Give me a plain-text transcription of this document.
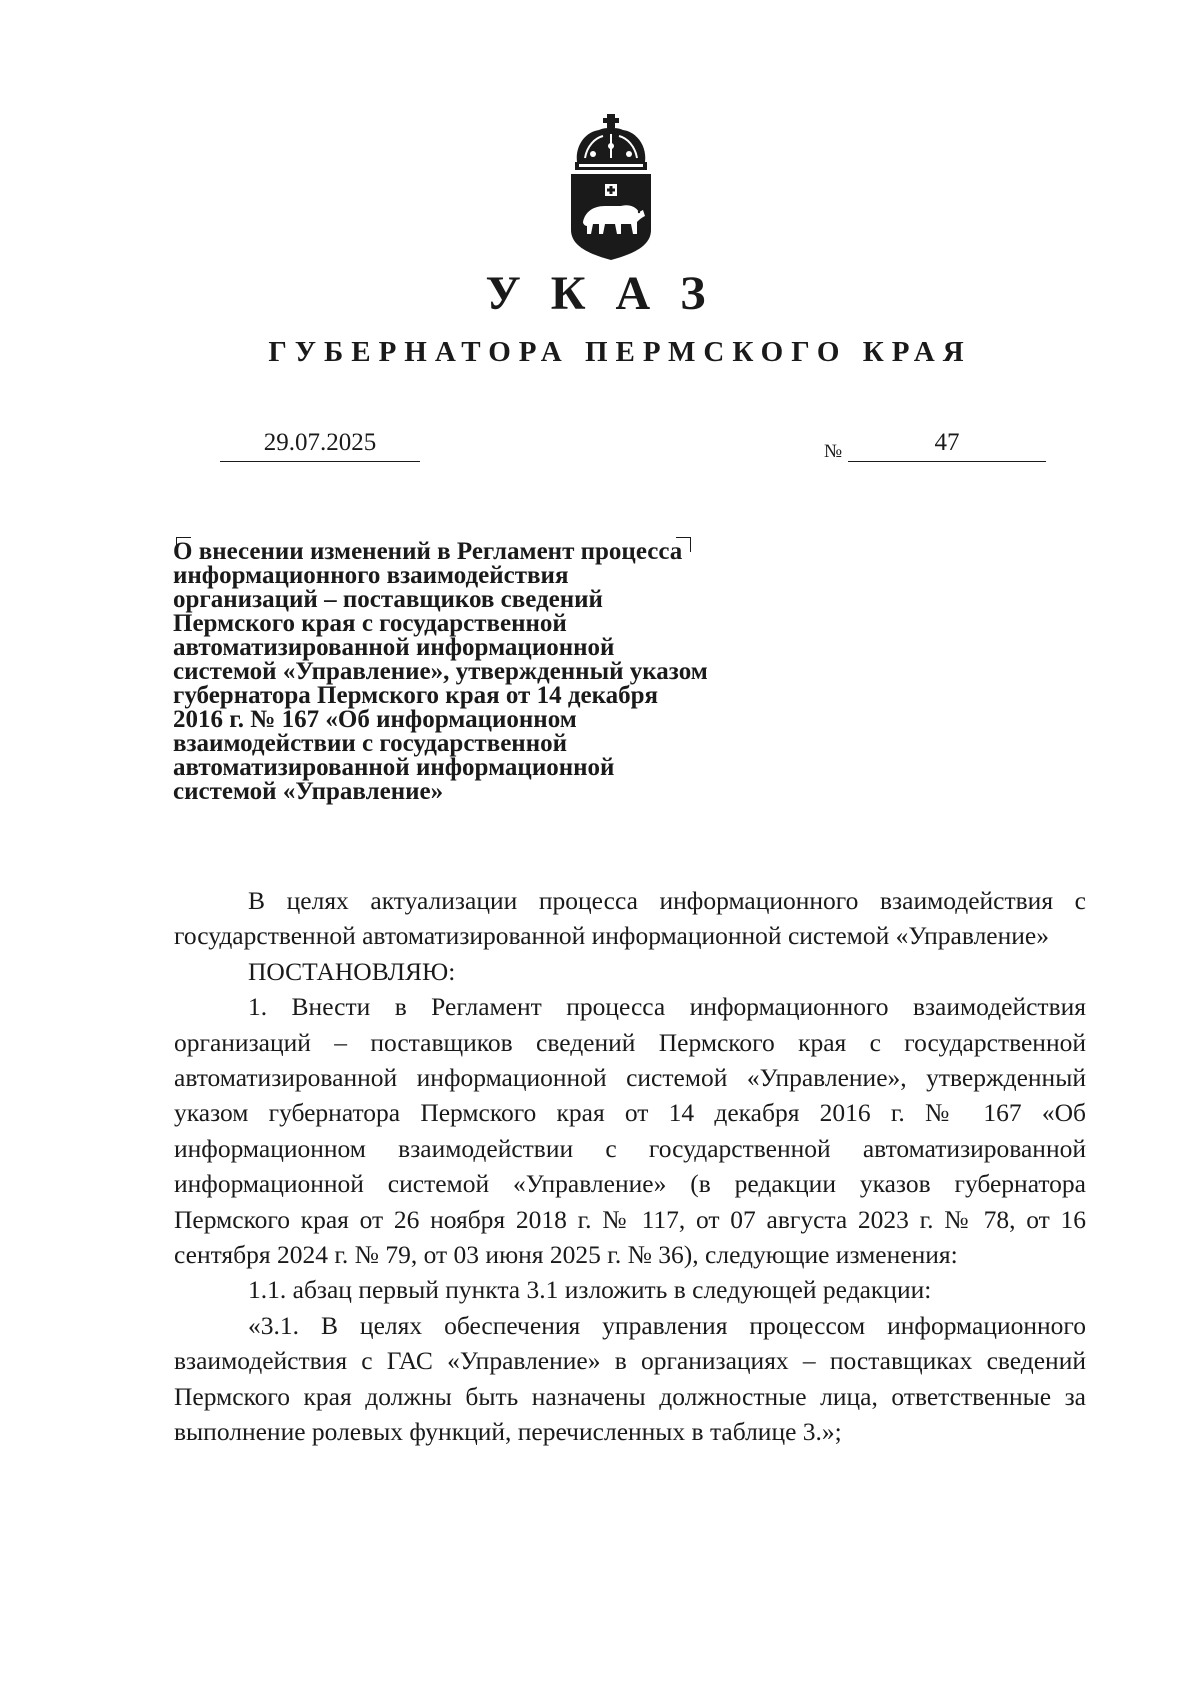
У К А З
ГУБЕРНАТОРА ПЕРМСКОГО КРАЯ
29.07.2025	№	47
О внесении изменений в Регламент процесса
информационного взаимодействия
организаций – поставщиков сведений
Пермского края с государственной
автоматизированной информационной
системой «Управление», утвержденный указом
губернатора Пермского края от 14 декабря
2016 г. № 167 «Об информационном
взаимодействии с государственной
автоматизированной информационной
системой «Управление»

В целях актуализации процесса информационного взаимодействия с государственной автоматизированной информационной системой «Управление»

ПОСТАНОВЛЯЮ:

1. Внести в Регламент процесса информационного взаимодействия организаций – поставщиков сведений Пермского края с государственной автоматизированной информационной системой «Управление», утвержденный указом губернатора Пермского края от 14 декабря 2016 г. № 167 «Об информационном взаимодействии с государственной автоматизированной информационной системой «Управление» (в редакции указов губернатора Пермского края от 26 ноября 2018 г. № 117, от 07 августа 2023 г. № 78, от 16 сентября 2024 г. № 79, от 03 июня 2025 г. № 36), следующие изменения:

1.1. абзац первый пункта 3.1 изложить в следующей редакции:

«3.1. В целях обеспечения управления процессом информационного взаимодействия с ГАС «Управление» в организациях – поставщиках сведений Пермского края должны быть назначены должностные лица, ответственные за выполнение ролевых функций, перечисленных в таблице 3.»;
